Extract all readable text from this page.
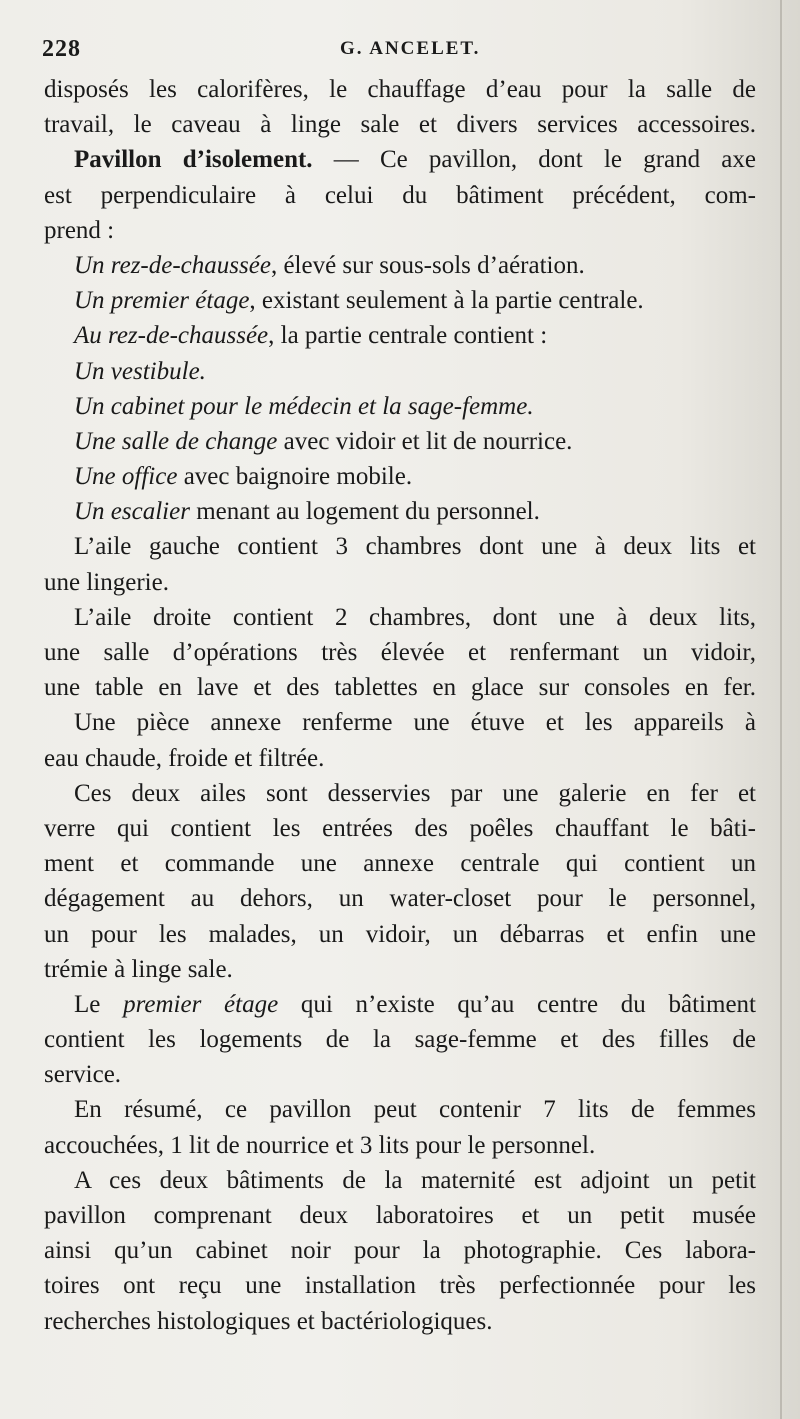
228	G. ANCELET.
disposés les calorifères, le chauffage d’eau pour la salle de
travail, le caveau à linge sale et divers services accessoires.
Pavillon d’isolement. — Ce pavillon, dont le grand axe
est perpendiculaire à celui du bâtiment précédent, com-
prend :
Un rez-de-chaussée, élevé sur sous-sols d’aération.
Un premier étage, existant seulement à la partie centrale.
Au rez-de-chaussée, la partie centrale contient :
Un vestibule.
Un cabinet pour le médecin et la sage-femme.
Une salle de change avec vidoir et lit de nourrice.
Une office avec baignoire mobile.
Un escalier menant au logement du personnel.
L’aile gauche contient 3 chambres dont une à deux lits et
une lingerie.
L’aile droite contient 2 chambres, dont une à deux lits,
une salle d’opérations très élevée et renfermant un vidoir,
une table en lave et des tablettes en glace sur consoles en fer.
Une pièce annexe renferme une étuve et les appareils à
eau chaude, froide et filtrée.
Ces deux ailes sont desservies par une galerie en fer et
verre qui contient les entrées des poêles chauffant le bâti-
ment et commande une annexe centrale qui contient un
dégagement au dehors, un water-closet pour le personnel,
un pour les malades, un vidoir, un débarras et enfin une
trémie à linge sale.
Le premier étage qui n’existe qu’au centre du bâtiment
contient les logements de la sage-femme et des filles de
service.
En résumé, ce pavillon peut contenir 7 lits de femmes
accouchées, 1 lit de nourrice et 3 lits pour le personnel.
A ces deux bâtiments de la maternité est adjoint un petit
pavillon comprenant deux laboratoires et un petit musée
ainsi qu’un cabinet noir pour la photographie. Ces labora-
toires ont reçu une installation très perfectionnée pour les
recherches histologiques et bactériologiques.
